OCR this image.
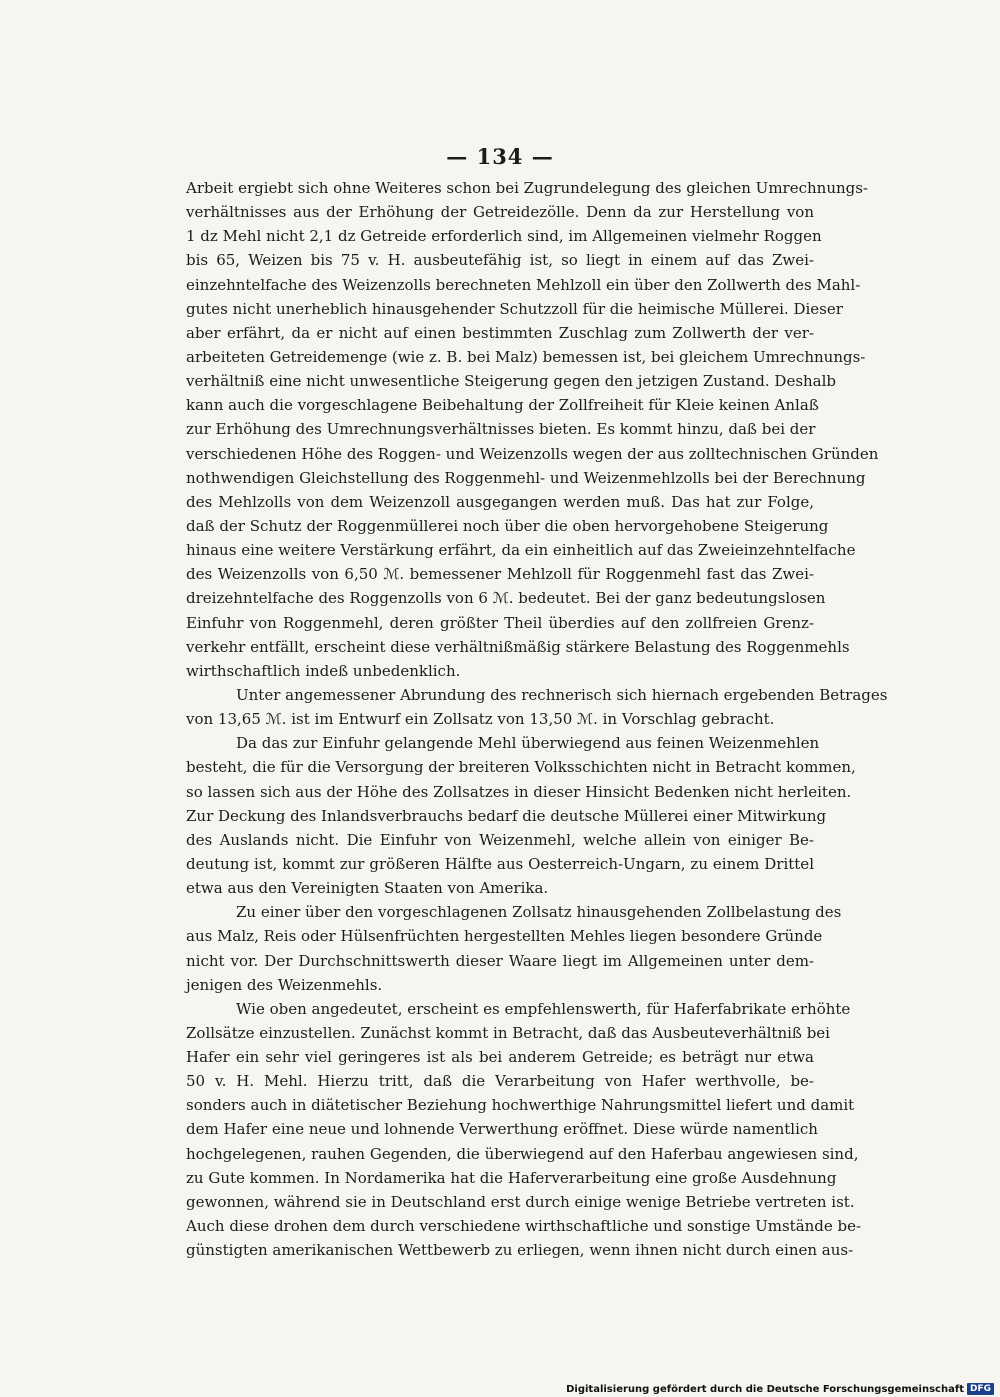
— 134 —
Arbeit ergiebt sich ohne Weiteres schon bei Zugrundelegung des gleichen Umrechnungs-
verhältnisses aus der Erhöhung der Getreidezölle. Denn da zur Herstellung von
1 dz Mehl nicht 2,1 dz Getreide erforderlich sind, im Allgemeinen vielmehr Roggen
bis 65, Weizen bis 75 v. H. ausbeutefähig ist, so liegt in einem auf das Zwei-
einzehntelfache des Weizenzolls berechneten Mehlzoll ein über den Zollwerth des Mahl-
gutes nicht unerheblich hinausgehender Schutzzoll für die heimische Müllerei. Dieser
aber erfährt, da er nicht auf einen bestimmten Zuschlag zum Zollwerth der ver-
arbeiteten Getreidemenge (wie z. B. bei Malz) bemessen ist, bei gleichem Umrechnungs-
verhältniß eine nicht unwesentliche Steigerung gegen den jetzigen Zustand. Deshalb
kann auch die vorgeschlagene Beibehaltung der Zollfreiheit für Kleie keinen Anlaß
zur Erhöhung des Umrechnungsverhältnisses bieten. Es kommt hinzu, daß bei der
verschiedenen Höhe des Roggen- und Weizenzolls wegen der aus zolltechnischen Gründen
nothwendigen Gleichstellung des Roggenmehl- und Weizenmehlzolls bei der Berechnung
des Mehlzolls von dem Weizenzoll ausgegangen werden muß. Das hat zur Folge,
daß der Schutz der Roggenmüllerei noch über die oben hervorgehobene Steigerung
hinaus eine weitere Verstärkung erfährt, da ein einheitlich auf das Zweieinzehntelfache
des Weizenzolls von 6,50 ℳ. bemessener Mehlzoll für Roggenmehl fast das Zwei-
dreizehntelfache des Roggenzolls von 6 ℳ. bedeutet. Bei der ganz bedeutungslosen
Einfuhr von Roggenmehl, deren größter Theil überdies auf den zollfreien Grenz-
verkehr entfällt, erscheint diese verhältnißmäßig stärkere Belastung des Roggenmehls
wirthschaftlich indeß unbedenklich.
Unter angemessener Abrundung des rechnerisch sich hiernach ergebenden Betrages
von 13,65 ℳ. ist im Entwurf ein Zollsatz von 13,50 ℳ. in Vorschlag gebracht.
Da das zur Einfuhr gelangende Mehl überwiegend aus feinen Weizenmehlen
besteht, die für die Versorgung der breiteren Volksschichten nicht in Betracht kommen,
so lassen sich aus der Höhe des Zollsatzes in dieser Hinsicht Bedenken nicht herleiten.
Zur Deckung des Inlandsverbrauchs bedarf die deutsche Müllerei einer Mitwirkung
des Auslands nicht. Die Einfuhr von Weizenmehl, welche allein von einiger Be-
deutung ist, kommt zur größeren Hälfte aus Oesterreich-Ungarn, zu einem Drittel
etwa aus den Vereinigten Staaten von Amerika.
Zu einer über den vorgeschlagenen Zollsatz hinausgehenden Zollbelastung des
aus Malz, Reis oder Hülsenfrüchten hergestellten Mehles liegen besondere Gründe
nicht vor. Der Durchschnittswerth dieser Waare liegt im Allgemeinen unter dem-
jenigen des Weizenmehls.
Wie oben angedeutet, erscheint es empfehlenswerth, für Haferfabrikate erhöhte
Zollsätze einzustellen. Zunächst kommt in Betracht, daß das Ausbeuteverhältniß bei
Hafer ein sehr viel geringeres ist als bei anderem Getreide; es beträgt nur etwa
50 v. H. Mehl. Hierzu tritt, daß die Verarbeitung von Hafer werthvolle, be-
sonders auch in diätetischer Beziehung hochwerthige Nahrungsmittel liefert und damit
dem Hafer eine neue und lohnende Verwerthung eröffnet. Diese würde namentlich
hochgelegenen, rauhen Gegenden, die überwiegend auf den Haferbau angewiesen sind,
zu Gute kommen. In Nordamerika hat die Haferverarbeitung eine große Ausdehnung
gewonnen, während sie in Deutschland erst durch einige wenige Betriebe vertreten ist.
Auch diese drohen dem durch verschiedene wirthschaftliche und sonstige Umstände be-
günstigten amerikanischen Wettbewerb zu erliegen, wenn ihnen nicht durch einen aus-
Digitalisierung gefördert durch die Deutsche Forschungsgemeinschaft DFG
